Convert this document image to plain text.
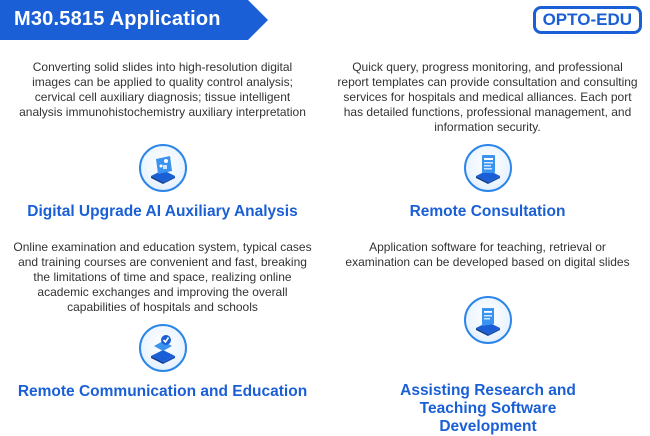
M30.5815 Application	OPTO-EDU

Converting solid slides into high-resolution digital images can be applied to quality control analysis; cervical cell auxiliary diagnosis; tissue intelligent analysis immunohistochemistry auxiliary interpretation

Digital Upgrade AI Auxiliary Analysis

Quick query, progress monitoring, and professional report templates can provide consultation and consulting services for hospitals and medical alliances. Each port has detailed functions, professional management, and information security.

Remote Consultation

Online examination and education system, typical cases and training courses are convenient and fast, breaking the limitations of time and space, realizing online academic exchanges and improving the overall capabilities of hospitals and schools

Remote Communication and Education

Application software for teaching, retrieval or examination can be developed based on digital slides

Assisting Research and Teaching Software Development
